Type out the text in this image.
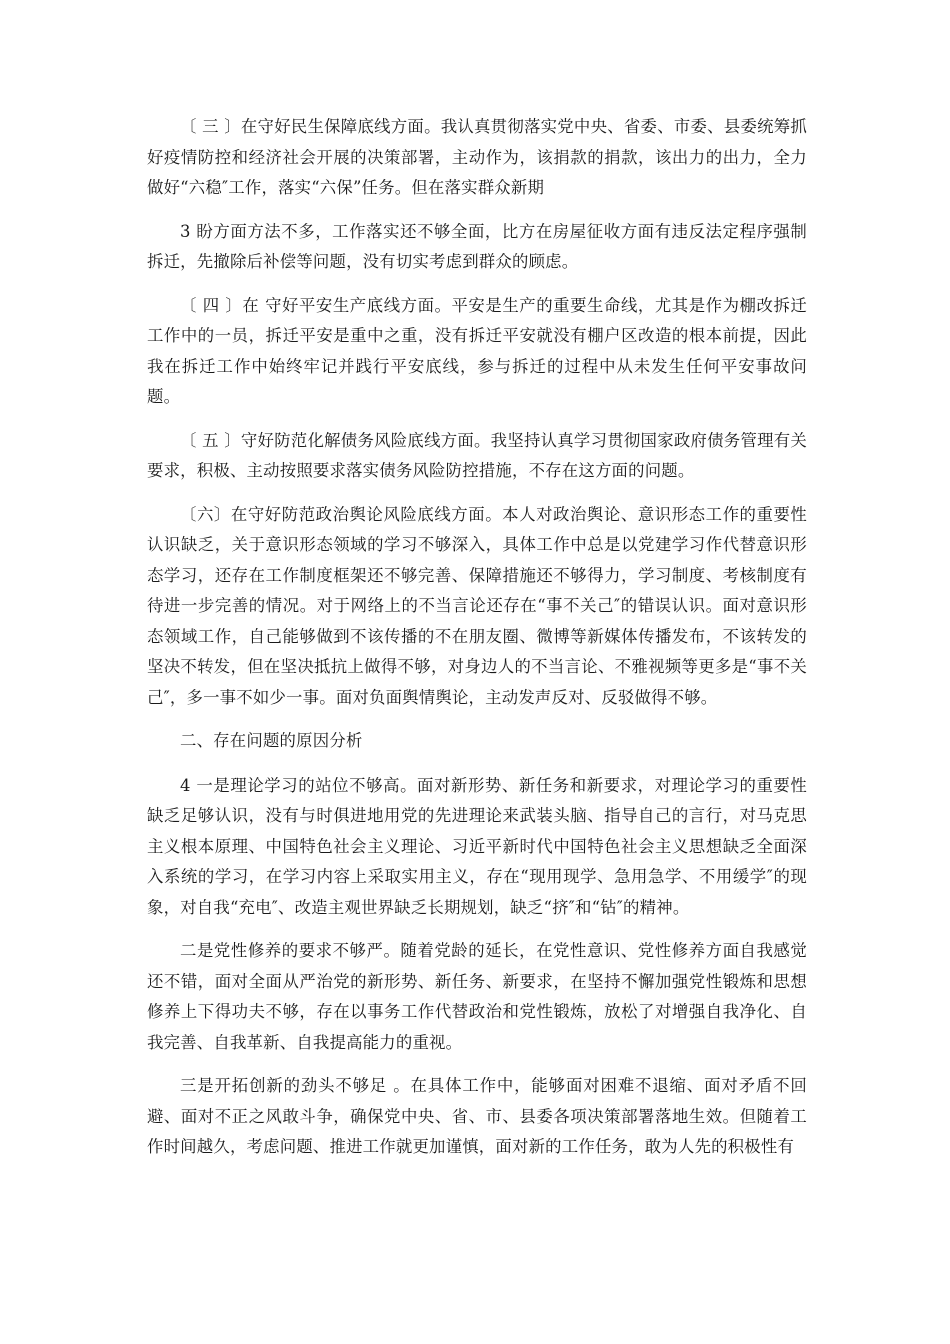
〔 三 〕在守好民生保障底线方面。我认真贯彻落实党中央、省委、市委、县委统筹抓好疫情防控和经济社会开展的决策部署，主动作为，该捐款的捐款，该出力的出力，全力做好“六稳″工作，落实“六保”任务。但在落实群众新期

3 盼方面方法不多，工作落实还不够全面，比方在房屋征收方面有违反法定程序强制拆迁，先撤除后补偿等问题，没有切实考虑到群众的顾虑。

〔 四 〕在 守好平安生产底线方面。平安是生产的重要生命线，尤其是作为棚改拆迁工作中的一员，拆迁平安是重中之重，没有拆迁平安就没有棚户区改造的根本前提，因此我在拆迁工作中始终牢记并践行平安底线，参与拆迁的过程中从未发生任何平安事故问题。

〔 五 〕守好防范化解债务风险底线方面。我坚持认真学习贯彻国家政府债务管理有关要求，积极、主动按照要求落实债务风险防控措施，不存在这方面的问题。

〔六〕在守好防范政治舆论风险底线方面。本人对政治舆论、意识形态工作的重要性认识缺乏，关于意识形态领域的学习不够深入，具体工作中总是以党建学习作代替意识形态学习，还存在工作制度框架还不够完善、保障措施还不够得力，学习制度、考核制度有待进一步完善的情况。对于网络上的不当言论还存在“事不关己″的错误认识。面对意识形态领域工作，自己能够做到不该传播的不在朋友圈、微博等新媒体传播发布，不该转发的坚决不转发，但在坚决抵抗上做得不够，对身边人的不当言论、不雅视频等更多是“事不关己″，多一事不如少一事。面对负面舆情舆论，主动发声反对、反驳做得不够。

二、存在问题的原因分析

4 一是理论学习的站位不够高。面对新形势、新任务和新要求，对理论学习的重要性缺乏足够认识，没有与时俱进地用党的先进理论来武装头脑、指导自己的言行，对马克思主义根本原理、中国特色社会主义理论、习近平新时代中国特色社会主义思想缺乏全面深入系统的学习，在学习内容上采取实用主义，存在“现用现学、急用急学、不用缓学″的现象，对自我“充电″、改造主观世界缺乏长期规划，缺乏“挤″和“钻″的精神。

二是党性修养的要求不够严。随着党龄的延长，在党性意识、党性修养方面自我感觉还不错，面对全面从严治党的新形势、新任务、新要求，在坚持不懈加强党性锻炼和思想修养上下得功夫不够，存在以事务工作代替政治和党性锻炼，放松了对增强自我净化、自我完善、自我革新、自我提高能力的重视。

三是开拓创新的劲头不够足 。在具体工作中，能够面对困难不退缩、面对矛盾不回避、面对不正之风敢斗争，确保党中央、省、市、县委各项决策部署落地生效。但随着工作时间越久，考虑问题、推进工作就更加谨慎，面对新的工作任务，敢为人先的积极性有
